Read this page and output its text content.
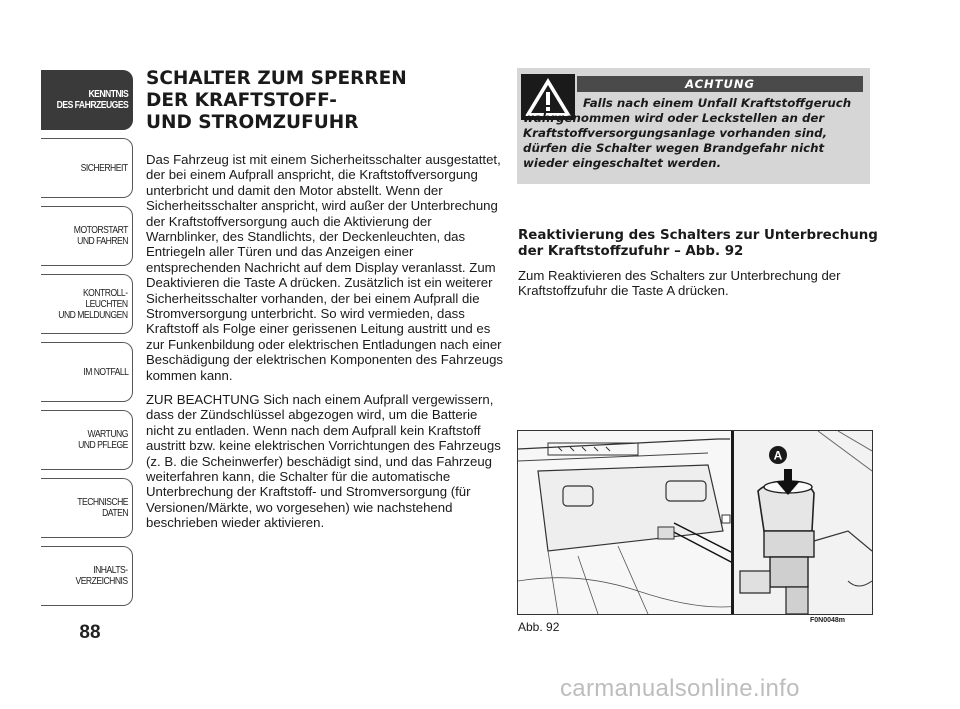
KENNTNIS
DES FAHRZEUGES
SICHERHEIT
MOTORSTART
UND FAHREN
KONTROLL-
LEUCHTEN
UND MELDUNGEN
IM NOTFALL
WARTUNG
UND PFLEGE
TECHNISCHE
DATEN
INHALTS-
VERZEICHNIS
88
SCHALTER ZUM SPERREN
DER KRAFTSTOFF-
UND STROMZUFUHR

Das Fahrzeug ist mit einem Sicherheitsschalter ausgestattet, der bei einem Aufprall anspricht, die Kraftstoffversorgung unterbricht und damit den Motor abstellt. Wenn der Sicherheitsschalter anspricht, wird außer der Unterbrechung der Kraftstoffversorgung auch die Aktivierung der Warnblinker, des Standlichts, der Deckenleuchten, das Entriegeln aller Türen und das Anzeigen einer entsprechenden Nachricht auf dem Display veranlasst. Zum Deaktivieren die Taste A drücken. Zusätzlich ist ein weiterer Sicherheitsschalter vorhanden, der bei einem Aufprall die Stromversorgung unterbricht. So wird vermieden, dass Kraftstoff als Folge einer gerissenen Leitung austritt und es zur Funkenbildung oder elektrischen Entladungen nach einer Beschädigung der elektrischen Komponenten des Fahrzeugs kommen kann.

ZUR BEACHTUNG Sich nach einem Aufprall vergewissern, dass der Zündschlüssel abgezogen wird, um die Batterie nicht zu entladen. Wenn nach dem Aufprall kein Kraftstoff austritt bzw. keine elektrischen Vorrichtungen des Fahrzeugs (z. B. die Scheinwerfer) beschädigt sind, und das Fahrzeug weiterfahren kann, die Schalter für die automatische Unterbrechung der Kraftstoff- und Stromversorgung (für Versionen/Märkte, wo vorgesehen) wie nachstehend beschrieben wieder aktivieren.

ACHTUNG

Falls nach einem Unfall Kraftstoffgeruch wahrgenommen wird oder Leckstellen an der Kraftstoffversorgungsanlage vorhanden sind, dürfen die Schalter wegen Brandgefahr nicht wieder eingeschaltet werden.

Reaktivierung des Schalters zur Unterbrechung der Kraftstoffzufuhr – Abb. 92

Zum Reaktivieren des Schalters zur Unterbrechung der Kraftstoffzufuhr die Taste A drücken.

A
Abb. 92	F0N0048m
carmanualsonline.info
